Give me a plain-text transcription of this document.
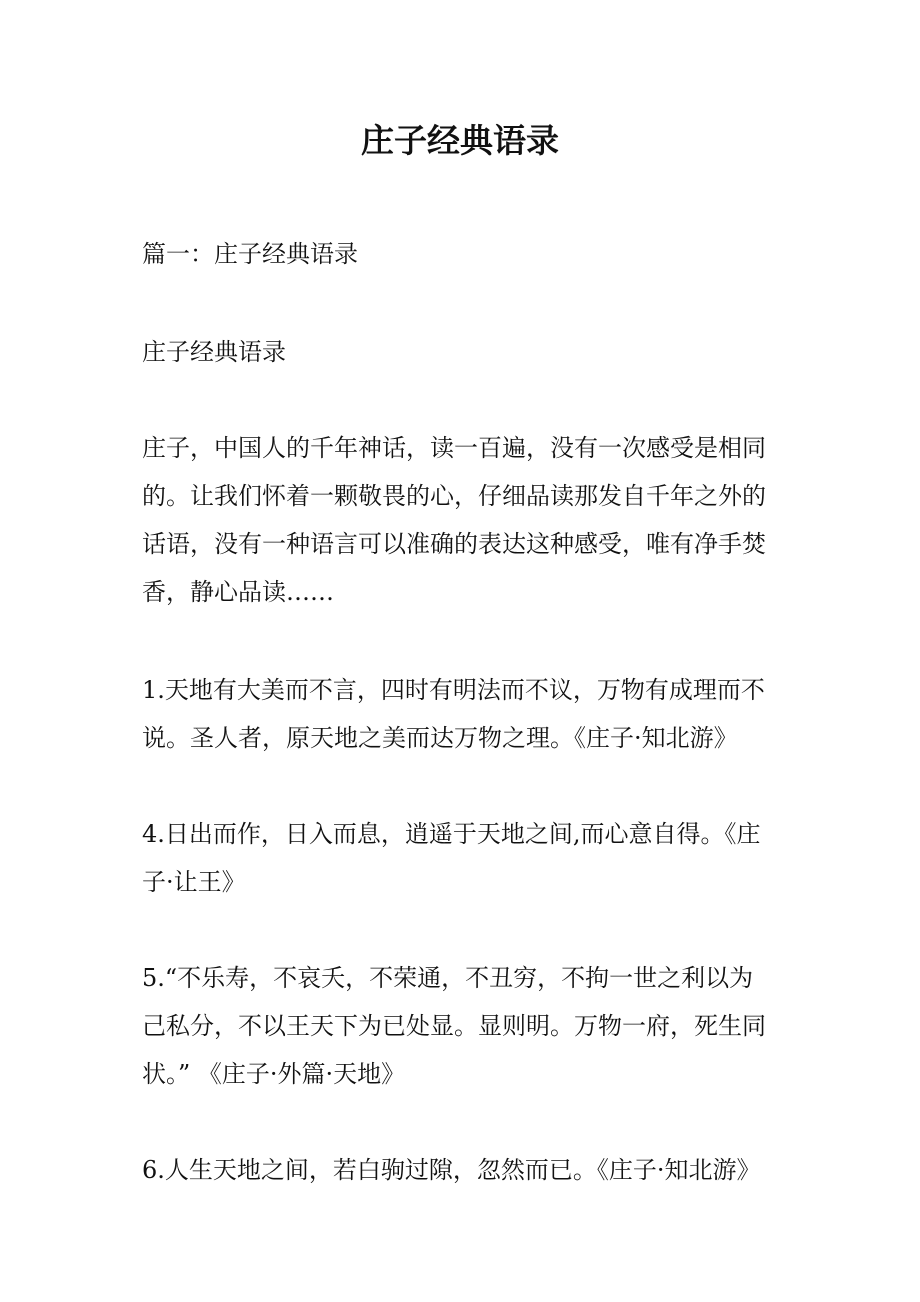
庄子经典语录

篇一：庄子经典语录

庄子经典语录

庄子，中国人的千年神话，读一百遍，没有一次感受是相同
的。让我们怀着一颗敬畏的心，仔细品读那发自千年之外的
话语，没有一种语言可以准确的表达这种感受，唯有净手焚
香，静心品读……

1.天地有大美而不言，四时有明法而不议，万物有成理而不
说。圣人者，原天地之美而达万物之理。《庄子·知北游》

4.日出而作，日入而息，逍遥于天地之间,而心意自得。《庄
子·让王》

5.“不乐寿，不哀夭，不荣通，不丑穷，不拘一世之利以为
己私分，不以王天下为已处显。显则明。万物一府，死生同
状。” 《庄子·外篇·天地》

6.人生天地之间，若白驹过隙，忽然而已。《庄子·知北游》
